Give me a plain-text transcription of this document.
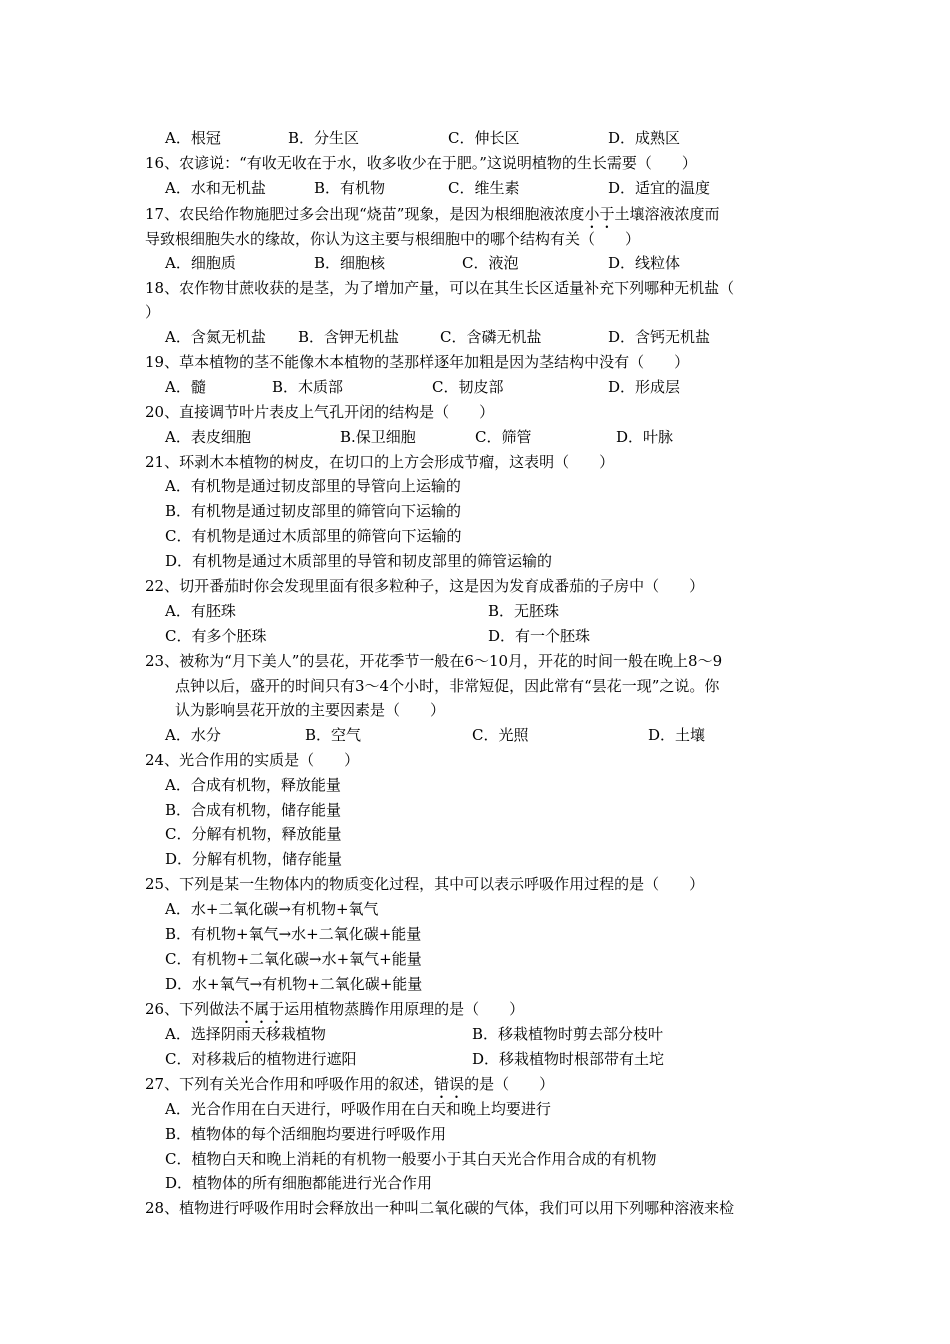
A．根冠	B．分生区	C．伸长区	D．成熟区
16、农谚说：“有收无收在于水，收多收少在于肥。”这说明植物的生长需要（　　）
A．水和无机盐	B．有机物	C．维生素	D．适宜的温度
17、农民给作物施肥过多会出现“烧苗”现象，是因为根细胞液浓度小于土壤溶液浓度而
导致根细胞失水的缘故，你认为这主要与根细胞中的哪个结构有关（　　）
A．细胞质	B．细胞核	C．液泡	D．线粒体
18、农作物甘蔗收获的是茎，为了增加产量，可以在其生长区适量补充下列哪种无机盐（
）
A．含氮无机盐 B．含钾无机盐	C．含磷无机盐	D．含钙无机盐
19、草本植物的茎不能像木本植物的茎那样逐年加粗是因为茎结构中没有（　　）
A．髓	B．木质部	C．韧皮部	D．形成层
20、直接调节叶片表皮上气孔开闭的结构是（　　）
A．表皮细胞	B.保卫细胞	C．筛管	D．叶脉
21、环剥木本植物的树皮，在切口的上方会形成节瘤，这表明（　　）
A．有机物是通过韧皮部里的导管向上运输的
B．有机物是通过韧皮部里的筛管向下运输的
C．有机物是通过木质部里的筛管向下运输的
D．有机物是通过木质部里的导管和韧皮部里的筛管运输的
22、切开番茄时你会发现里面有很多粒种子，这是因为发育成番茄的子房中（　　）
A．有胚珠	B．无胚珠
C．有多个胚珠	D．有一个胚珠
23、被称为“月下美人”的昙花，开花季节一般在6～10月，开花的时间一般在晚上8～9
点钟以后，盛开的时间只有3～4个小时，非常短促，因此常有“昙花一现”之说。你
认为影响昙花开放的主要因素是（　　）
A．水分	B．空气	C．光照	D．土壤
24、光合作用的实质是（　　）
A．合成有机物，释放能量
B．合成有机物，储存能量
C．分解有机物，释放能量
D．分解有机物，储存能量
25、下列是某一生物体内的物质变化过程，其中可以表示呼吸作用过程的是（　　）
A．水+二氧化碳→有机物+氧气
B．有机物+氧气→水+二氧化碳+能量
C．有机物+二氧化碳→水+氧气+能量
D．水+氧气→有机物+二氧化碳+能量
26、下列做法不属于运用植物蒸腾作用原理的是（　　）
A．选择阴雨天移栽植物	B．移栽植物时剪去部分枝叶
C．对移栽后的植物进行遮阳	D．移栽植物时根部带有土坨
27、下列有关光合作用和呼吸作用的叙述，错误的是（　　）
A．光合作用在白天进行，呼吸作用在白天和晚上均要进行
B．植物体的每个活细胞均要进行呼吸作用
C．植物白天和晚上消耗的有机物一般要小于其白天光合作用合成的有机物
D．植物体的所有细胞都能进行光合作用
28、植物进行呼吸作用时会释放出一种叫二氧化碳的气体，我们可以用下列哪种溶液来检
